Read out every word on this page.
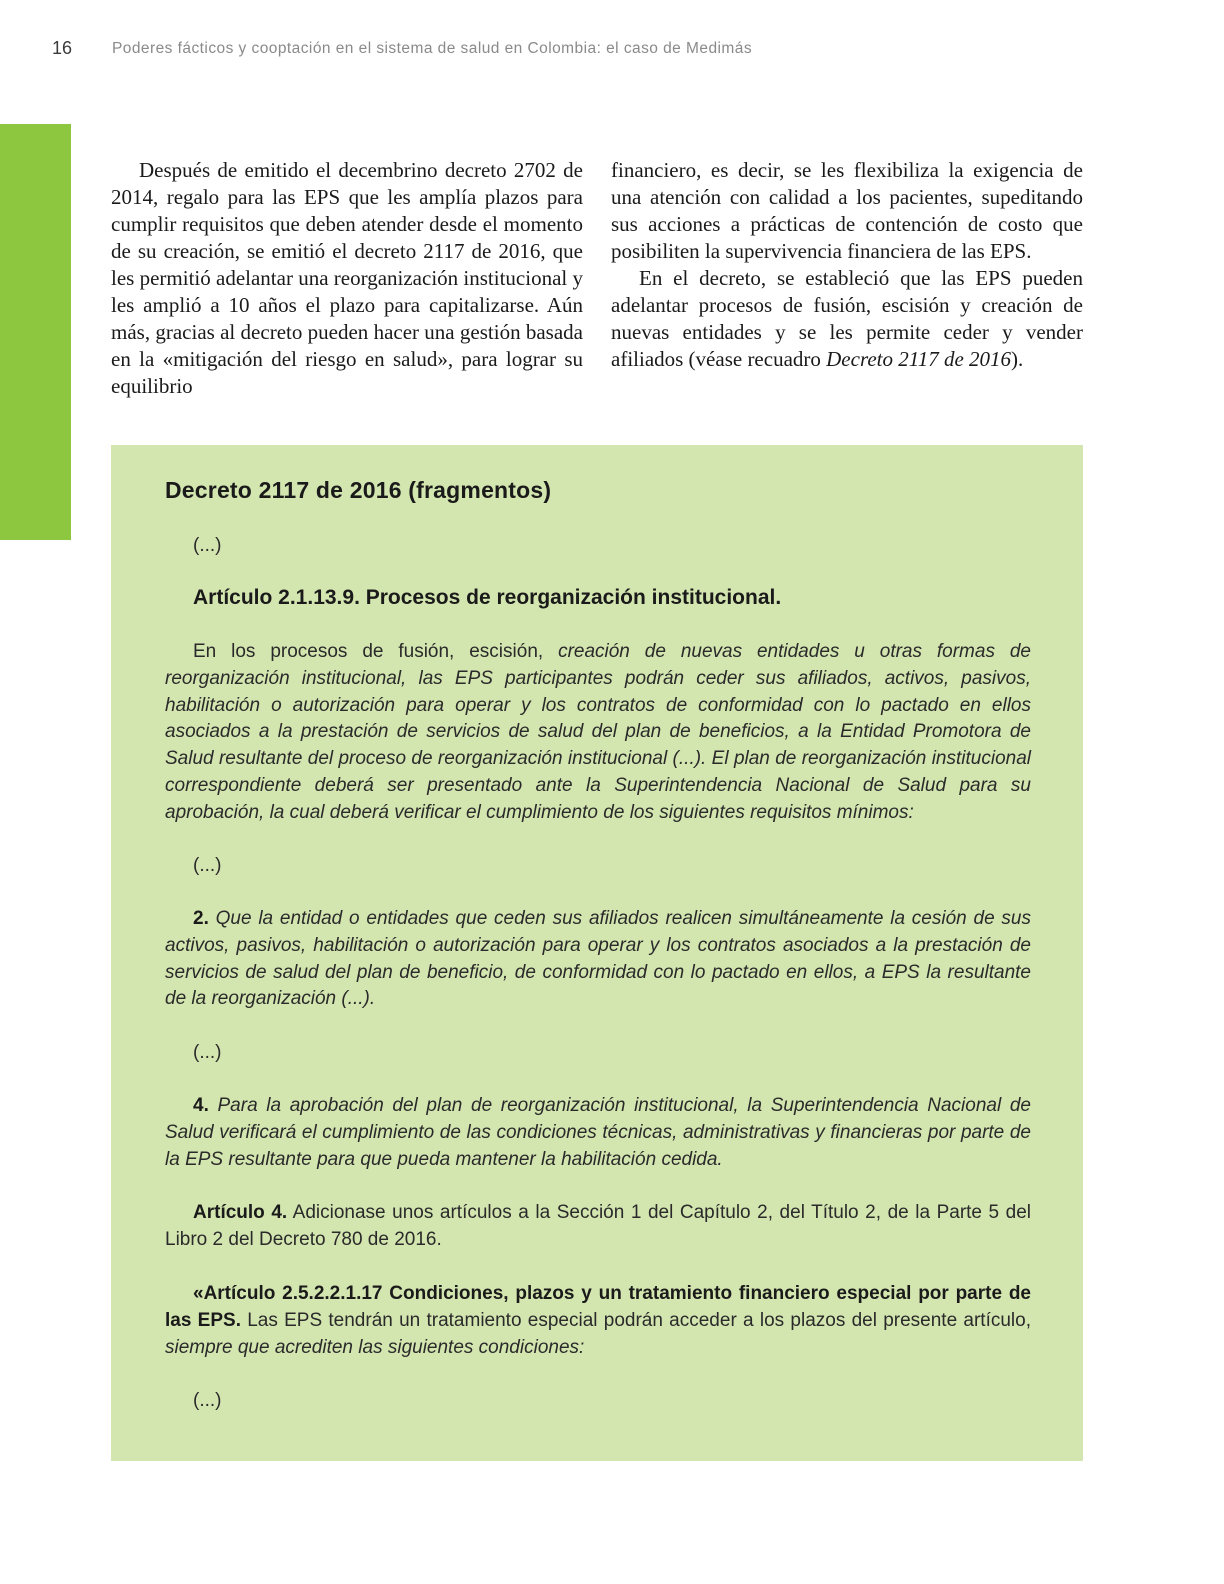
16	Poderes fácticos y cooptación en el sistema de salud en Colombia: el caso de Medimás

Después de emitido el decembrino decreto 2702 de 2014, regalo para las EPS que les amplía plazos para cumplir requisitos que deben atender desde el momento de su creación, se emitió el decreto 2117 de 2016, que les permitió adelantar una reorganización institucional y les amplió a 10 años el plazo para capitalizarse. Aún más, gracias al decreto pueden hacer una gestión basada en la «mitigación del riesgo en salud», para lograr su equilibrio

financiero, es decir, se les flexibiliza la exigencia de una atención con calidad a los pacientes, supeditando sus acciones a prácticas de contención de costo que posibiliten la supervivencia financiera de las EPS.

En el decreto, se estableció que las EPS pueden adelantar procesos de fusión, escisión y creación de nuevas entidades y se les permite ceder y vender afiliados (véase recuadro Decreto 2117 de 2016).

Decreto 2117 de 2016 (fragmentos)
(...)
Artículo 2.1.13.9. Procesos de reorganización institucional.

En los procesos de fusión, escisión, creación de nuevas entidades u otras formas de reorganización institucional, las EPS participantes podrán ceder sus afiliados, activos, pasivos, habilitación o autorización para operar y los contratos de conformidad con lo pactado en ellos asociados a la prestación de servicios de salud del plan de beneficios, a la Entidad Promotora de Salud resultante del proceso de reorganización institucional (...). El plan de reorganización institucional correspondiente deberá ser presentado ante la Superintendencia Nacional de Salud para su aprobación, la cual deberá verificar el cumplimiento de los siguientes requisitos mínimos:

(...)

2. Que la entidad o entidades que ceden sus afiliados realicen simultáneamente la cesión de sus activos, pasivos, habilitación o autorización para operar y los contratos asociados a la prestación de servicios de salud del plan de beneficio, de conformidad con lo pactado en ellos, a EPS la resultante de la reorganización (...).

(...)

4. Para la aprobación del plan de reorganización institucional, la Superintendencia Nacional de Salud verificará el cumplimiento de las condiciones técnicas, administrativas y financieras por parte de la EPS resultante para que pueda mantener la habilitación cedida.

Artículo 4. Adicionase unos artículos a la Sección 1 del Capítulo 2, del Título 2, de la Parte 5 del Libro 2 del Decreto 780 de 2016.

«Artículo 2.5.2.2.1.17 Condiciones, plazos y un tratamiento financiero especial por parte de las EPS. Las EPS tendrán un tratamiento especial podrán acceder a los plazos del presente artículo, siempre que acrediten las siguientes condiciones:

(...)
